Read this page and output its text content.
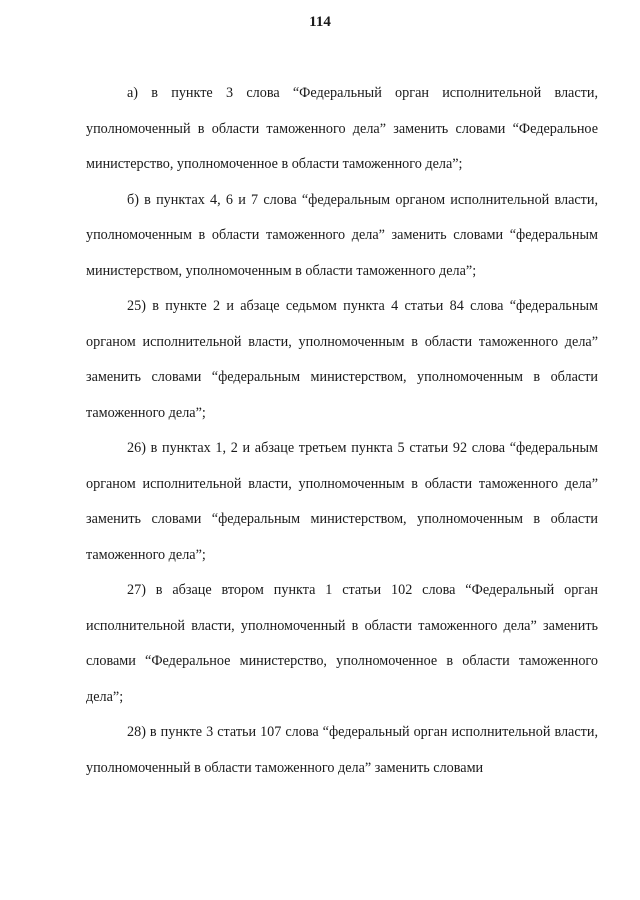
114

а) в пункте 3 слова “Федеральный орган исполнительной власти, уполномоченный в области таможенного дела” заменить словами “Федеральное министерство, уполномоченное в области таможенного дела”;

б) в пунктах 4, 6 и 7 слова “федеральным органом исполнительной власти, уполномоченным в области таможенного дела” заменить словами “федеральным министерством, уполномоченным в области таможенного дела”;

25) в пункте 2 и абзаце седьмом пункта 4 статьи 84 слова “федеральным органом исполнительной власти, уполномоченным в области таможенного дела” заменить словами “федеральным министерством, уполномоченным в области таможенного дела”;

26) в пунктах 1, 2 и абзаце третьем пункта 5 статьи 92 слова “федеральным органом исполнительной власти, уполномоченным в области таможенного дела” заменить словами “федеральным министерством, уполномоченным в области таможенного дела”;

27) в абзаце втором пункта 1 статьи 102 слова “Федеральный орган исполнительной власти, уполномоченный в области таможенного дела” заменить словами “Федеральное министерство, уполномоченное в области таможенного дела”;

28) в пункте 3 статьи 107 слова “федеральный орган исполнительной власти, уполномоченный в области таможенного дела” заменить словами
